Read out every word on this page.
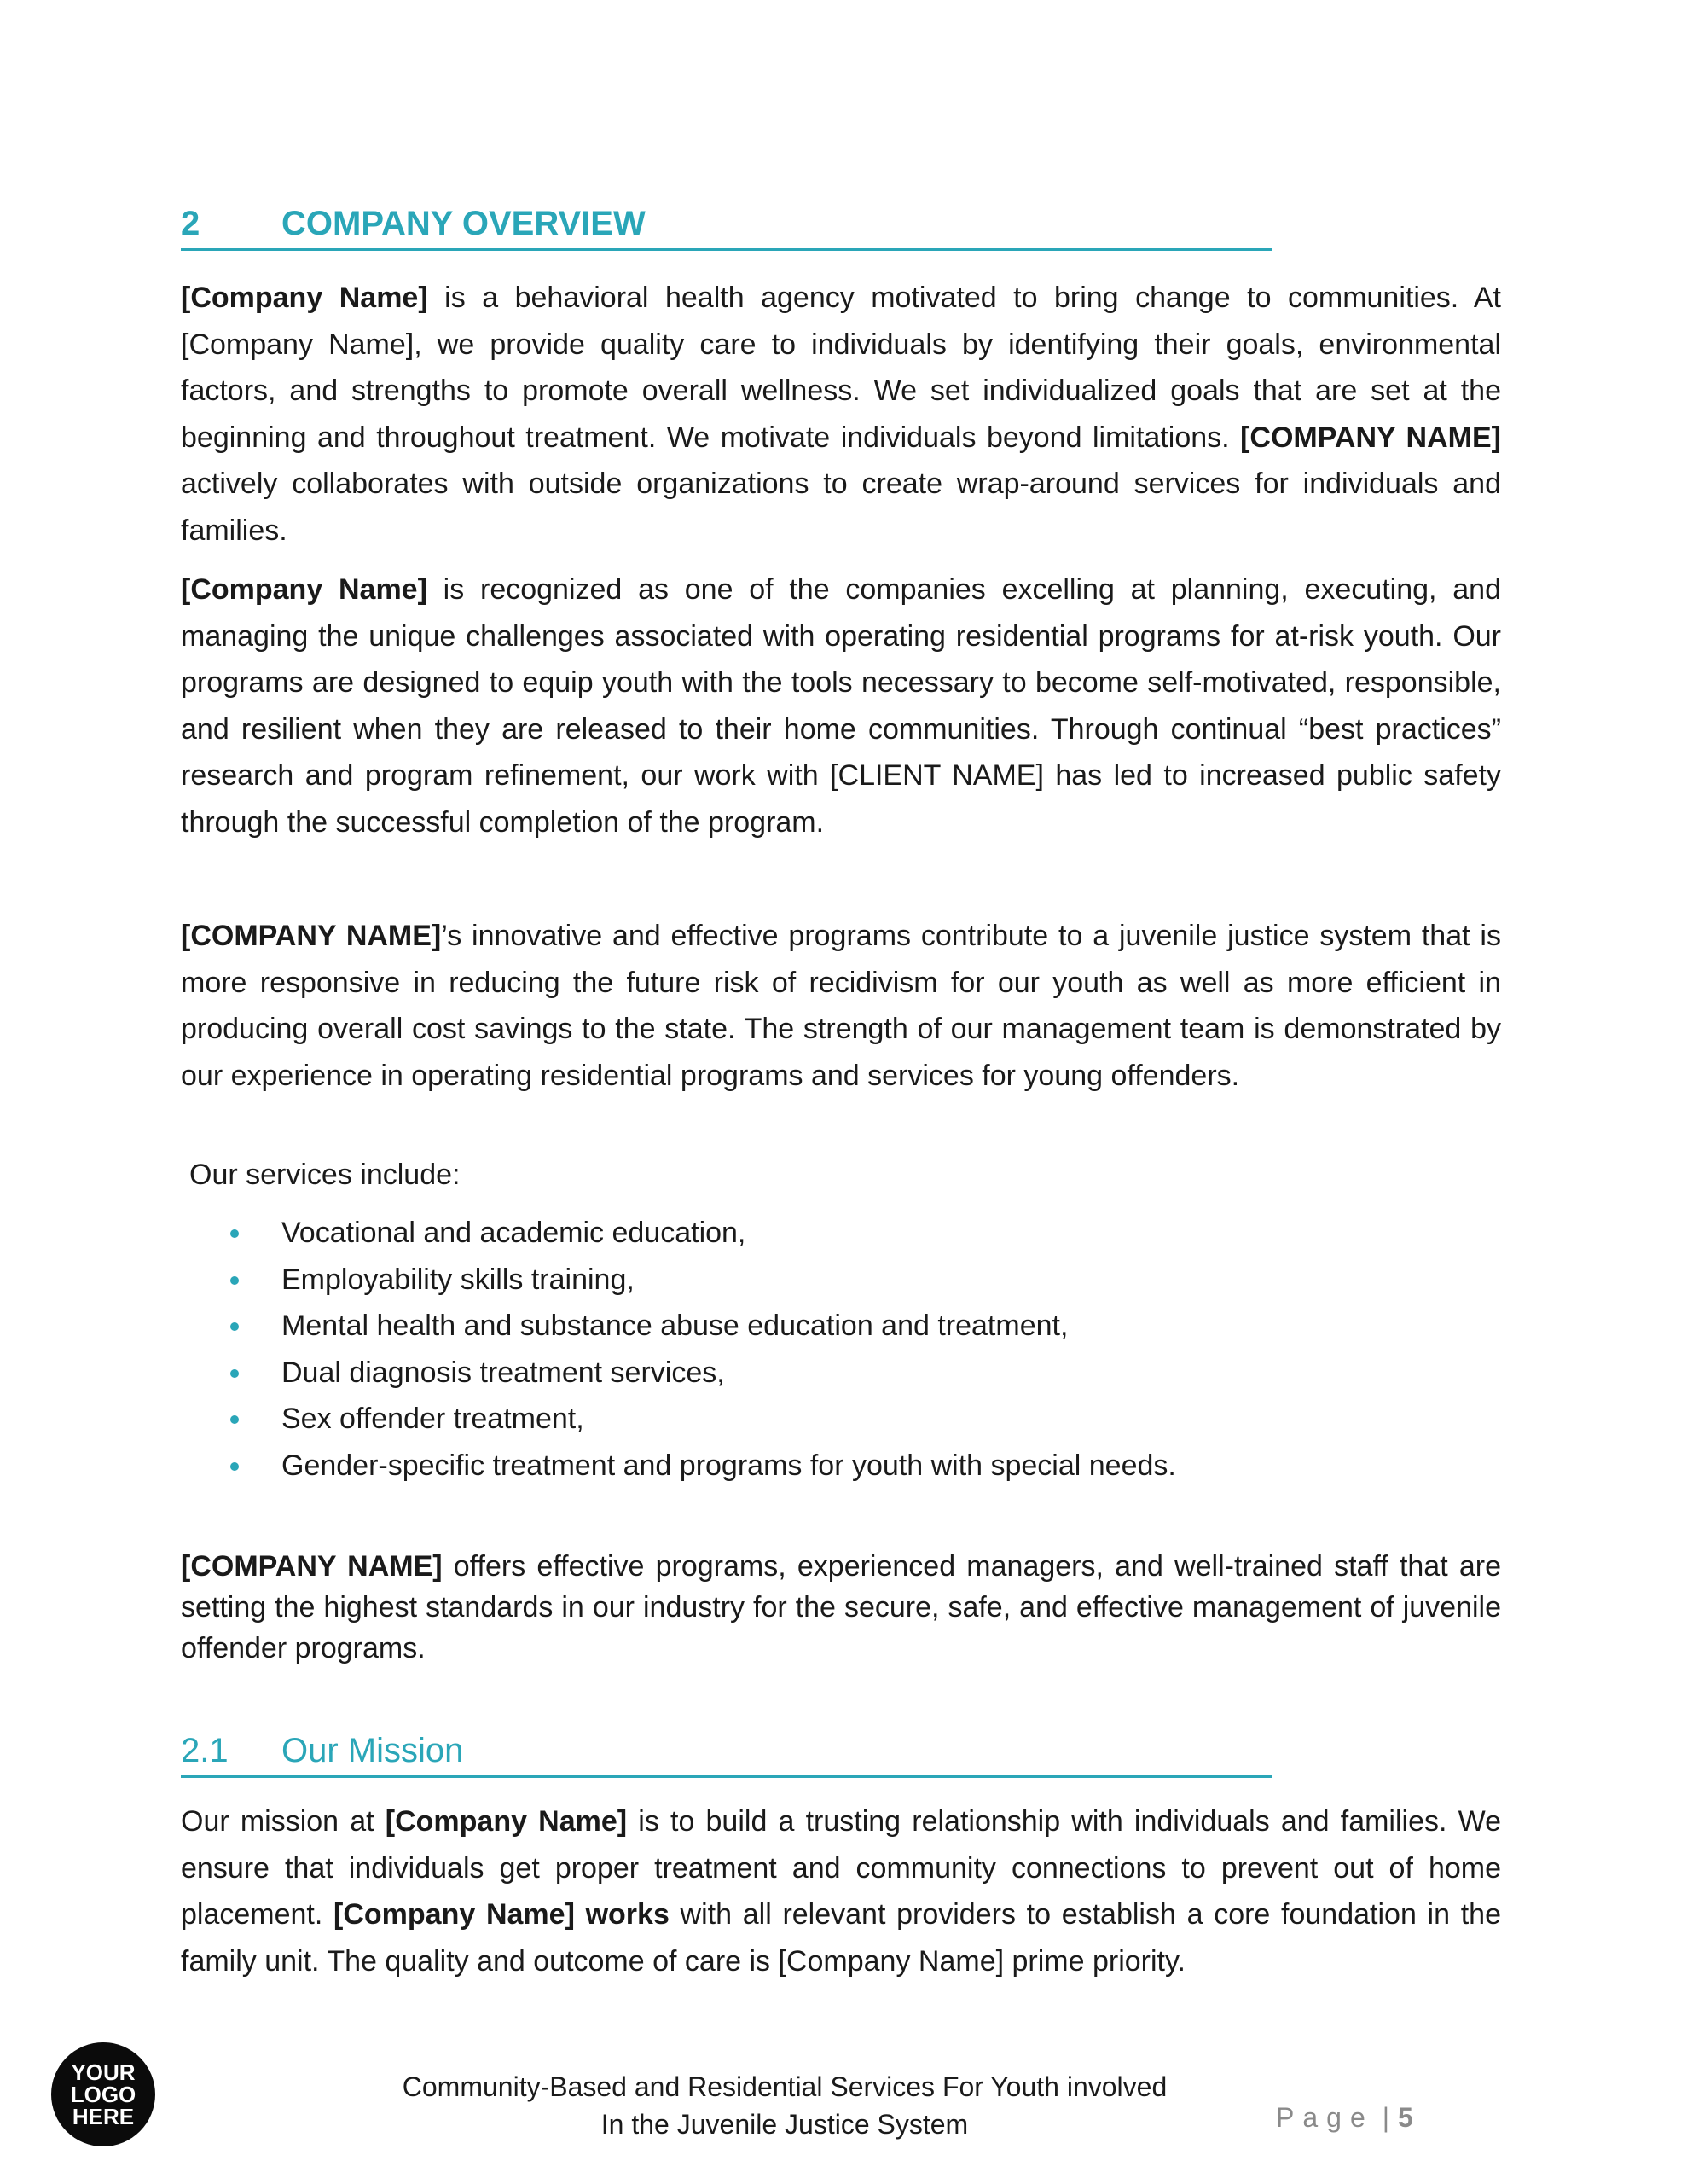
2 COMPANY OVERVIEW

[Company Name] is a behavioral health agency motivated to bring change to communities. At [Company Name], we provide quality care to individuals by identifying their goals, environmental factors, and strengths to promote overall wellness. We set individualized goals that are set at the beginning and throughout treatment. We motivate individuals beyond limitations. [COMPANY NAME] actively collaborates with outside organizations to create wrap-around services for individuals and families.

[Company Name] is recognized as one of the companies excelling at planning, executing, and managing the unique challenges associated with operating residential programs for at-risk youth. Our programs are designed to equip youth with the tools necessary to become self-motivated, responsible, and resilient when they are released to their home communities. Through continual “best practices” research and program refinement, our work with [CLIENT NAME] has led to increased public safety through the successful completion of the program.

[COMPANY NAME]’s innovative and effective programs contribute to a juvenile justice system that is more responsive in reducing the future risk of recidivism for our youth as well as more efficient in producing overall cost savings to the state. The strength of our management team is demonstrated by our experience in operating residential programs and services for young offenders.

Our services include:
Vocational and academic education,
Employability skills training,
Mental health and substance abuse education and treatment,
Dual diagnosis treatment services,
Sex offender treatment,
Gender-specific treatment and programs for youth with special needs.

[COMPANY NAME] offers effective programs, experienced managers, and well-trained staff that are setting the highest standards in our industry for the secure, safe, and effective management of juvenile offender programs.

2.1 Our Mission

Our mission at [Company Name] is to build a trusting relationship with individuals and families. We ensure that individuals get proper treatment and community connections to prevent out of home placement. [Company Name] works with all relevant providers to establish a core foundation in the family unit. The quality and outcome of care is [Company Name] prime priority.

YOUR
LOGO
HERE
Community-Based and Residential Services For Youth involved
In the Juvenile Justice System	Page | 5
